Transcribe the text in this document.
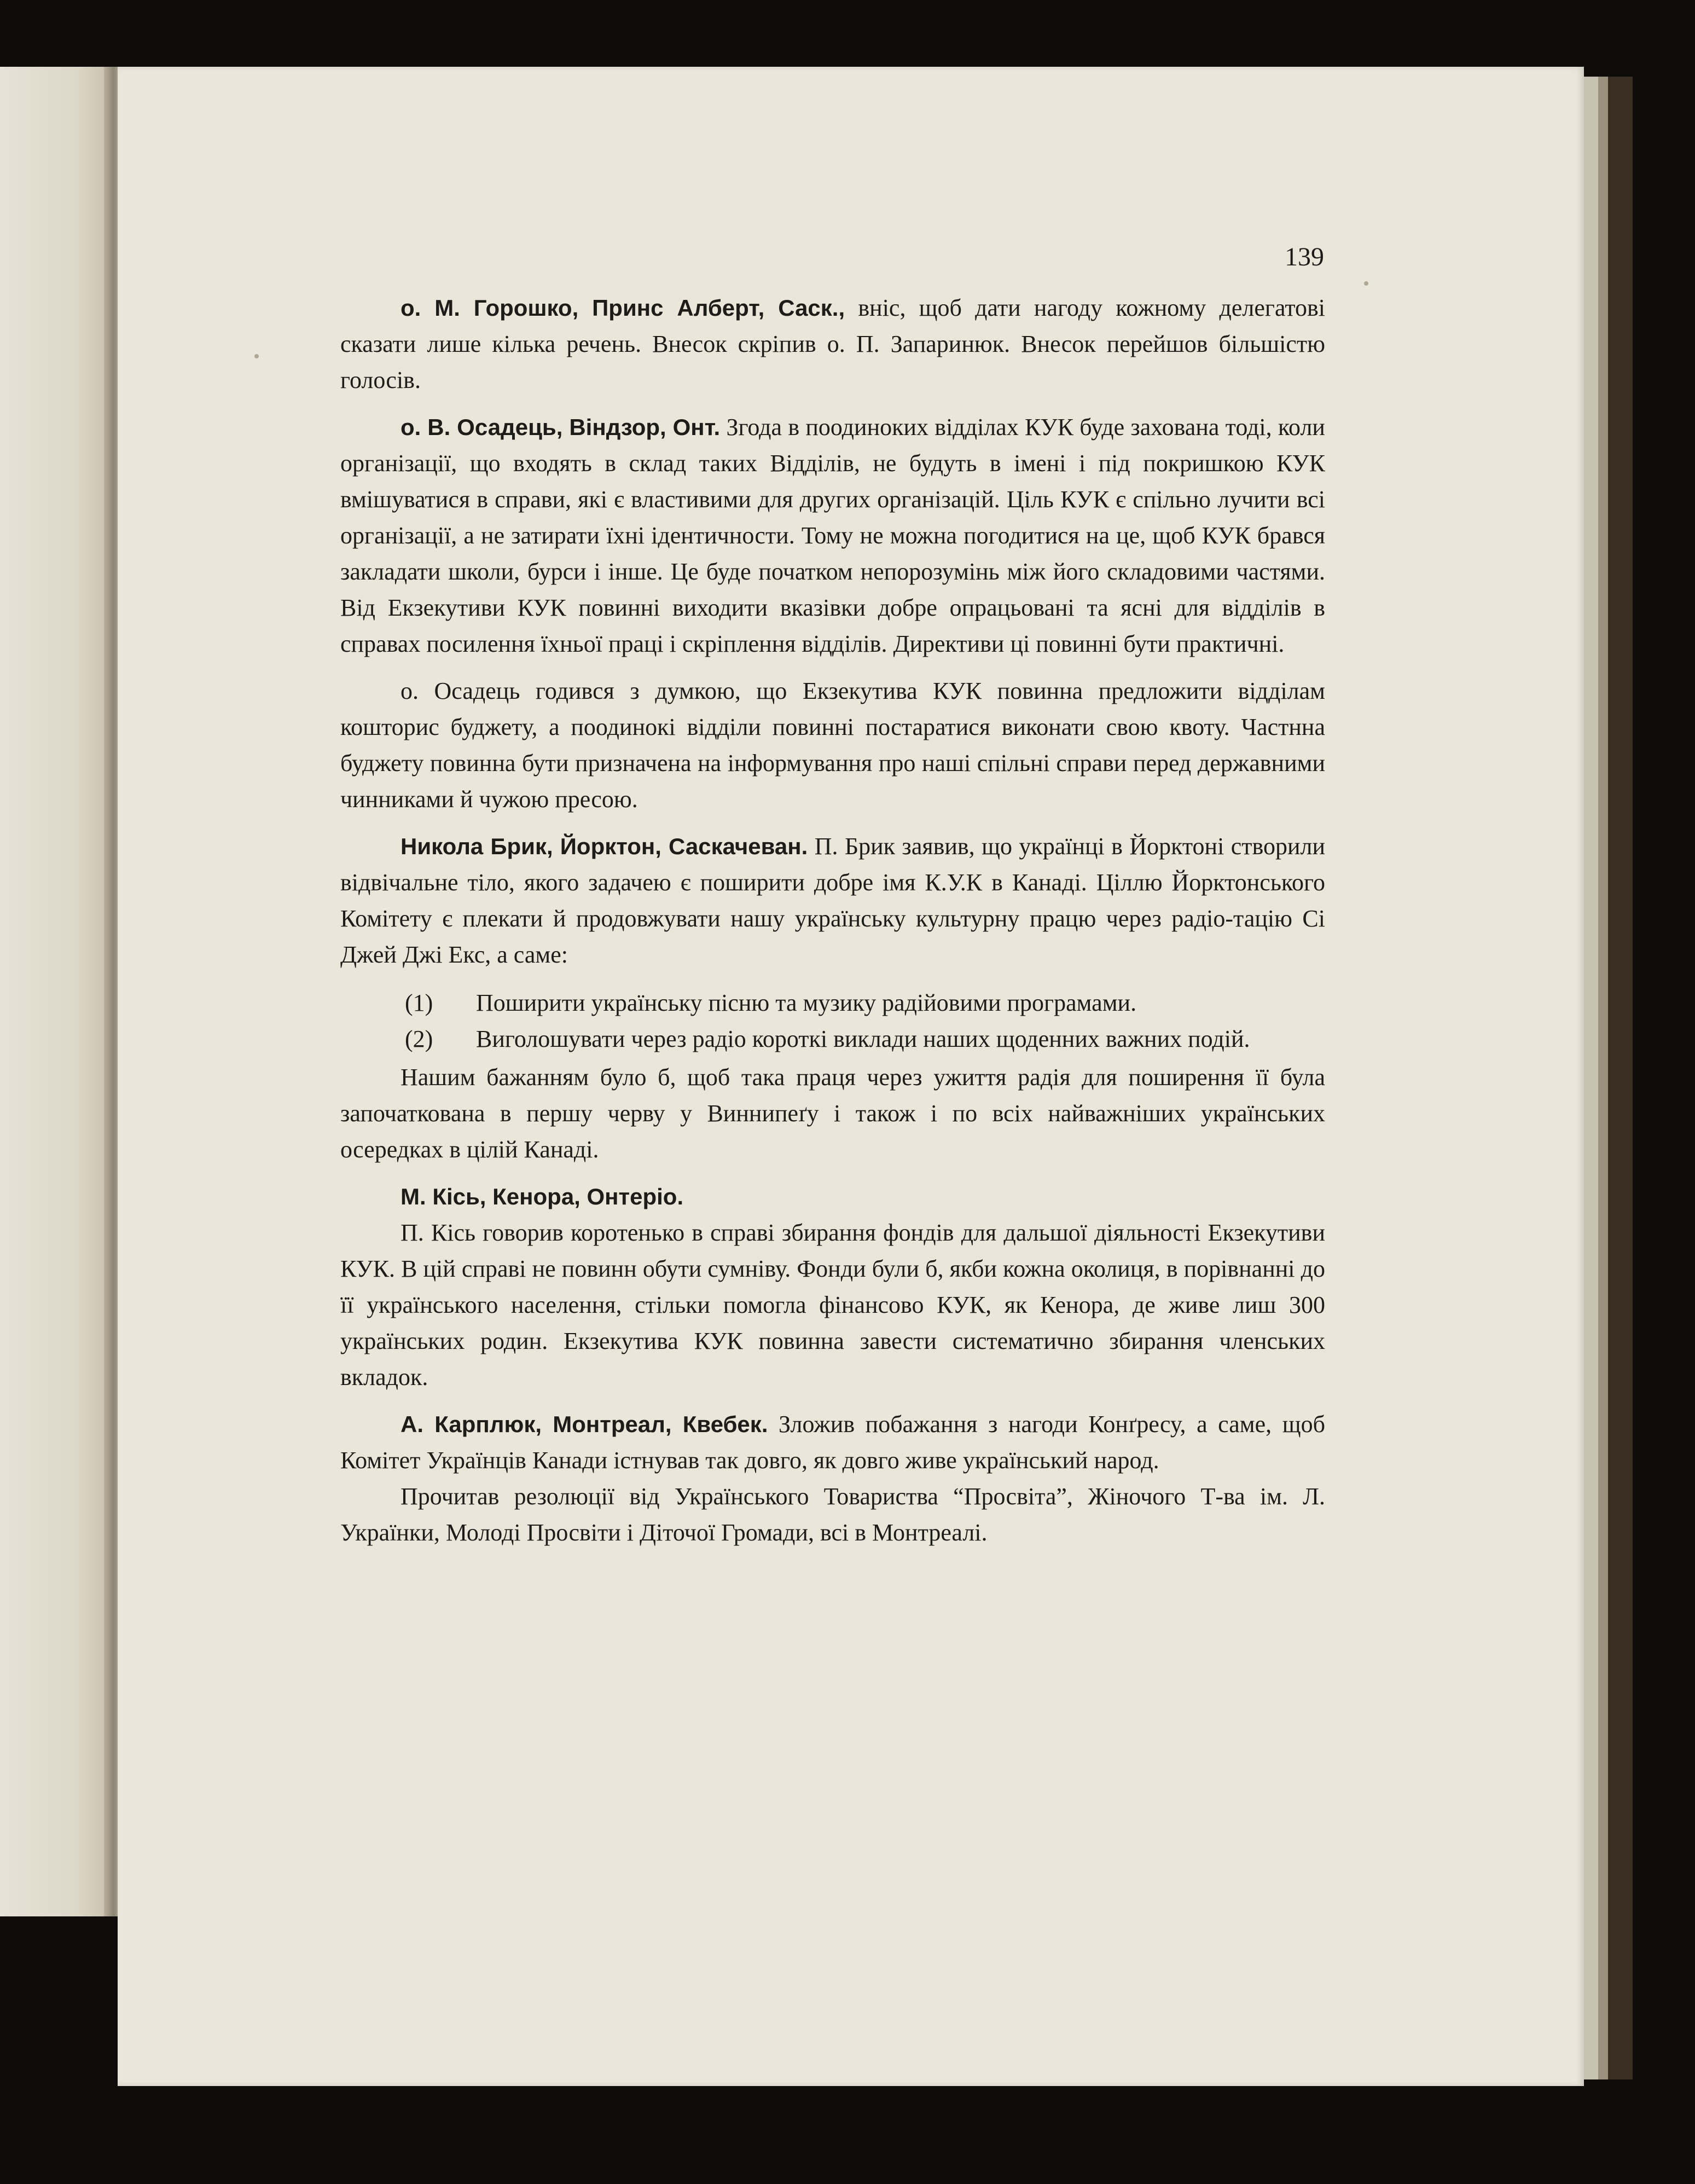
139

о. М. Горошко, Принс Алберт, Саск., вніс, щоб дати нагоду кожному делегатові сказати лише кілька речень. Внесок скріпив о. П. Запаринюк. Внесок перейшов більшістю голосів.

о. В. Осадець, Віндзор, Онт. Згода в поодиноких відділах КУК буде захована тоді, коли організації, що входять в склад таких Відділів, не будуть в імені і під покришкою КУК вмішуватися в справи, які є властивими для других організацій. Ціль КУК є спільно лучити всі організації, а не затирати їхні ідентичности. Тому не можна погодитися на це, щоб КУК брався закладати школи, бурси і інше. Це буде початком непорозумінь між його складовими частями. Від Екзекутиви КУК повинні виходити вказівки добре опрацьовані та ясні для відділів в справах посилення їхньої праці і скріплення відділів. Директиви ці повинні бути практичні.

о. Осадець годився з думкою, що Екзекутива КУК повинна предложити відділам кошторис буджету, а поодинокі відділи повинні постаратися виконати свою квоту. Частнна буджету повинна бути призначена на інформування про наші спільні справи перед державними чинниками й чужою пресою.

Никола Брик, Йорктон, Саскачеван. П. Брик заявив, що українці в Йорктоні створили відвічальне тіло, якого задачею є поширити добре імя К.У.К в Канаді. Ціллю Йорктонського Комітету є плекати й продовжувати нашу українську культурну працю через радіо-тацію Сі Джей Джі Екс, а саме:

(1)	Поширити українську пісню та музику радійовими програмами.
(2)	Виголошувати через радіо короткі виклади наших щоденних важних подій.

Нашим бажанням було б, щоб така праця через ужиття радія для поширення її була започаткована в першу черву у Виннипеґу і також і по всіх найважніших українських осередках в цілій Канаді.

М. Кісь, Кенора, Онтеріо.

П. Кісь говорив коротенько в справі збирання фондів для дальшої діяльності Екзекутиви КУК. В цій справі не повинн обути сумніву. Фонди були б, якби кожна околиця, в порівнанні до її українського населення, стільки помогла фінансово КУК, як Кенора, де живе лиш 300 українських родин. Екзекутива КУК повинна завести систематично збирання членських вкладок.

А. Карплюк, Монтреал, Квебек. Зложив побажання з нагоди Конґресу, а саме, щоб Комітет Українців Канади істнував так довго, як довго живе український народ.

Прочитав резолюції від Українського Товариства “Просвіта”, Жіночого Т-ва ім. Л. Українки, Молоді Просвіти і Діточої Громади, всі в Монтреалі.
